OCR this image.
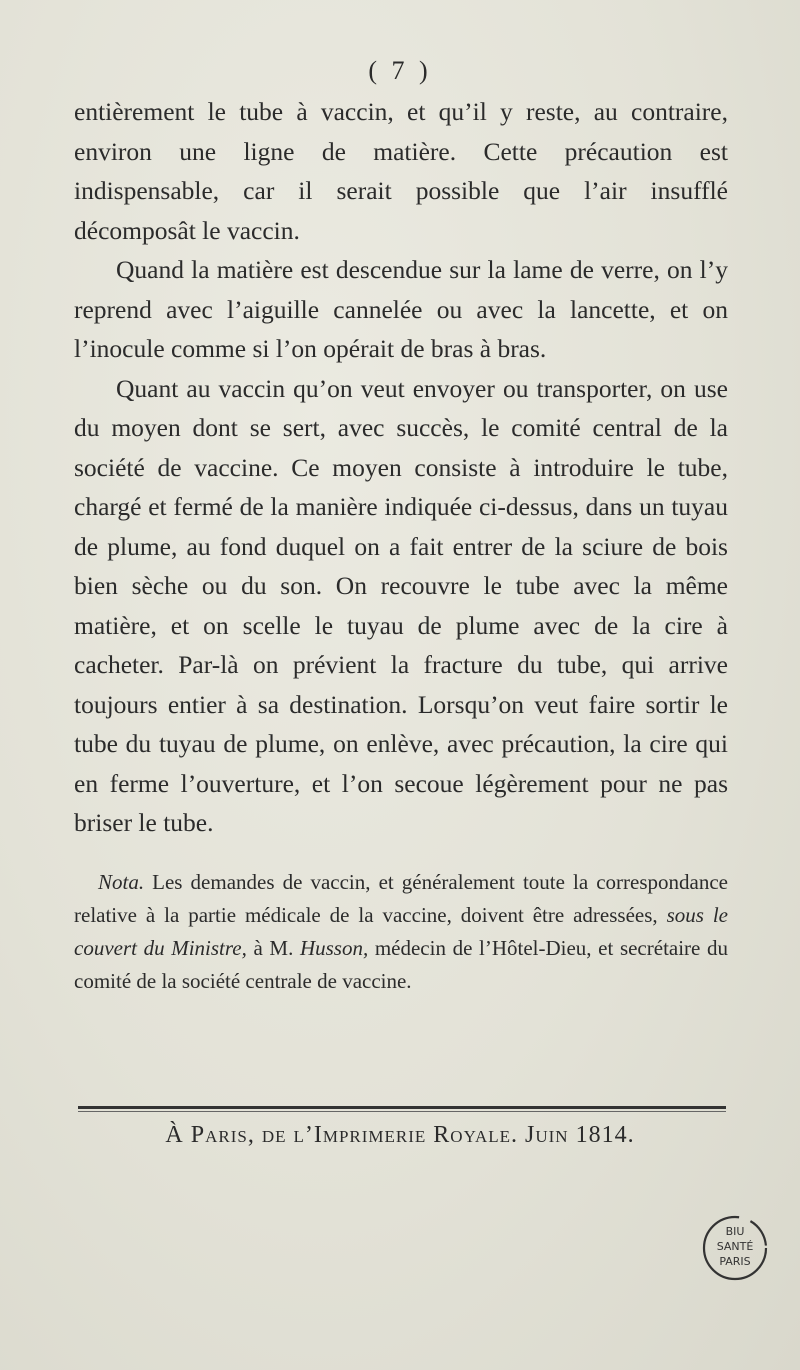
( 7 )

entièrement le tube à vaccin, et qu’il y reste, au contraire, environ une ligne de matière. Cette précaution est indispensable, car il serait possible que l’air insufflé décomposât le vaccin.

Quand la matière est descendue sur la lame de verre, on l’y reprend avec l’aiguille cannelée ou avec la lancette, et on l’inocule comme si l’on opérait de bras à bras.

Quant au vaccin qu’on veut envoyer ou transporter, on use du moyen dont se sert, avec succès, le comité central de la société de vaccine. Ce moyen consiste à introduire le tube, chargé et fermé de la manière indiquée ci-dessus, dans un tuyau de plume, au fond duquel on a fait entrer de la sciure de bois bien sèche ou du son. On recouvre le tube avec la même matière, et on scelle le tuyau de plume avec de la cire à cacheter. Par-là on prévient la fracture du tube, qui arrive toujours entier à sa destination. Lorsqu’on veut faire sortir le tube du tuyau de plume, on enlève, avec précaution, la cire qui en ferme l’ouverture, et l’on secoue légèrement pour ne pas briser le tube.

Nota. Les demandes de vaccin, et généralement toute la correspondance relative à la partie médicale de la vaccine, doivent être adressées, sous le couvert du Ministre, à M. Husson, médecin de l’Hôtel-Dieu, et secrétaire du comité de la société centrale de vaccine.
À Paris, de l’Imprimerie Royale. Juin 1814.
BIU
SANTÉ
PARIS
